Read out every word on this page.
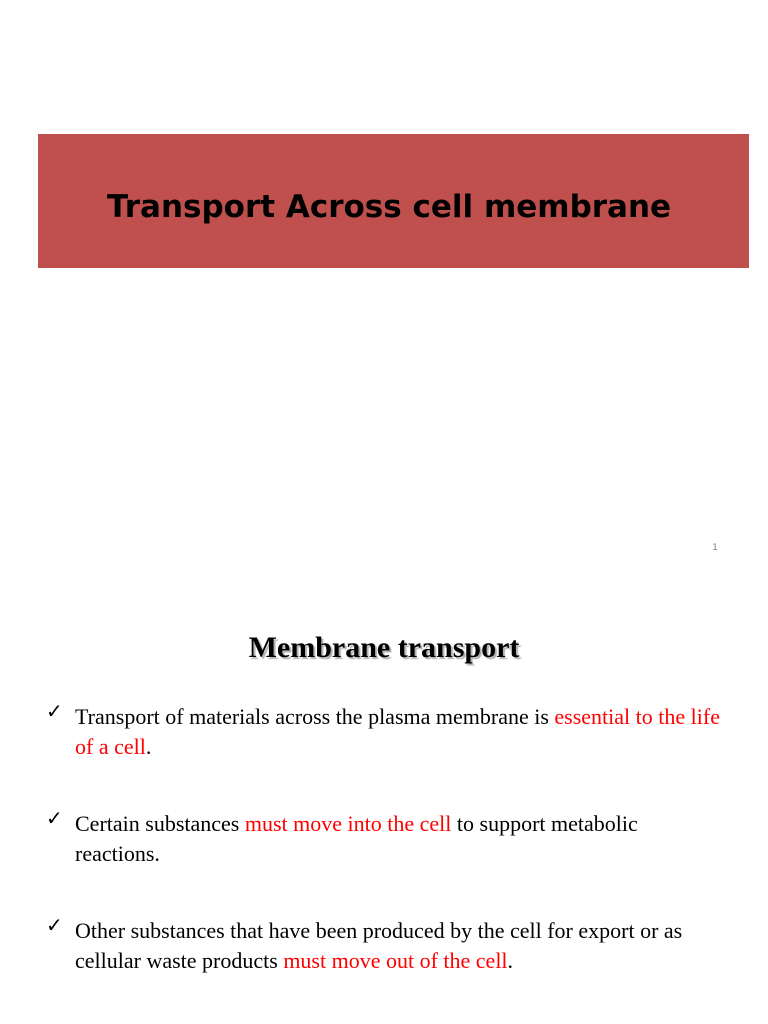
Transport Across cell membrane
1
Membrane transport
✓ Transport of materials across the plasma membrane is essential to the life of a cell.
✓ Certain substances must move into the cell to support metabolic reactions.
✓ Other substances that have been produced by the cell for export or as cellular waste products must move out of the cell.
